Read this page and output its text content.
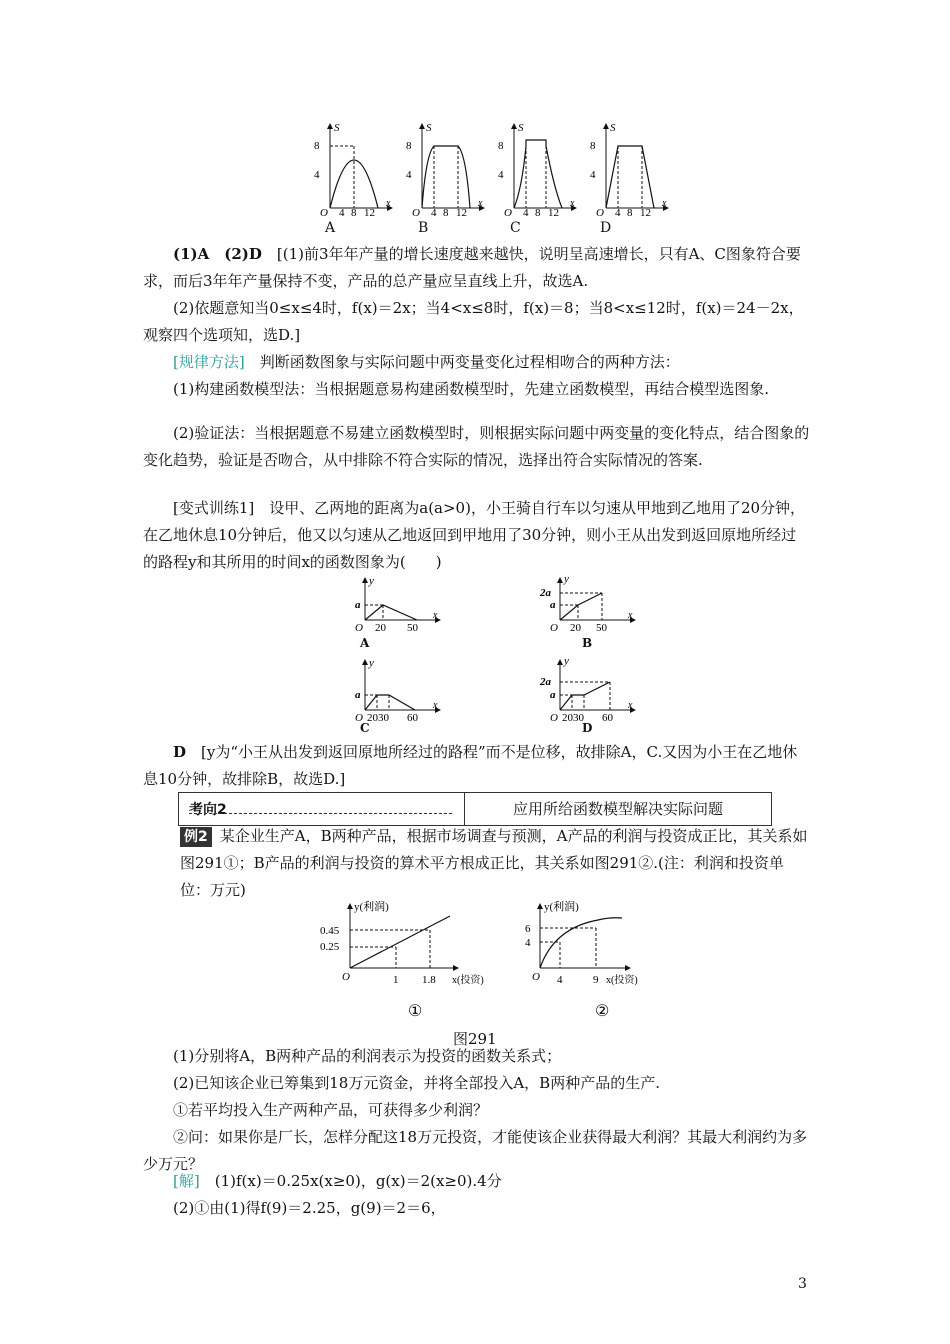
8
4
S
O 4 8 12
x
8
4
S
O 4 8 12
x
8
4
S
O 4 8 12
x
8
4
S
O 4 8 12
x
A	B	C	D

(1)A　(2)D　[(1)前3年年产量的增长速度越来越快，说明呈高速增长，只有A、C图象符合要求，而后3年年产量保持不变，产品的总产量应呈直线上升，故选A.

(2)依题意知当0≤x≤4时，f(x)＝2x；当4<x≤8时，f(x)＝8；当8<x≤12时，f(x)＝24－2x，观察四个选项知，选D.]

[规律方法]　判断函数图象与实际问题中两变量变化过程相吻合的两种方法：

(1)构建函数模型法：当根据题意易构建函数模型时，先建立函数模型，再结合模型选图象.

(2)验证法：当根据题意不易建立函数模型时，则根据实际问题中两变量的变化特点，结合图象的变化趋势，验证是否吻合，从中排除不符合实际的情况，选择出符合实际情况的答案.

[变式训练1]　设甲、乙两地的距离为a(a>0)，小王骑自行车以匀速从甲地到乙地用了20分钟，在乙地休息10分钟后，他又以匀速从乙地返回到甲地用了30分钟，则小王从出发到返回原地所经过的路程y和其所用的时间x的函数图象为(　　)

y
a
O 20 50
x
y
2a
a
O 20 50
x
y
a
O 2030 60
x
y
2a
a
O 2030 60
x
A	B
C	D

D　[y为“小王从出发到返回原地所经过的路程”而不是位移，故排除A，C.又因为小王在乙地休息10分钟，故排除B，故选D.]

考向2	应用所给函数模型解决实际问题

例2 某企业生产A，B两种产品，根据市场调查与预测，A产品的利润与投资成正比，其关系如图291①；B产品的利润与投资的算术平方根成正比，其关系如图291②.(注：利润和投资单位：万元)

y(利润)
0.45
0.25
O	1 1.8 x(投资)
y(利润)
6
4
O 4	9 x(投资)
①	②
图291

(1)分别将A，B两种产品的利润表示为投资的函数关系式；

(2)已知该企业已筹集到18万元资金，并将全部投入A，B两种产品的生产.

①若平均投入生产两种产品，可获得多少利润？

②问：如果你是厂长，怎样分配这18万元投资，才能使该企业获得最大利润？其最大利润约为多少万元？

[解]　(1)f(x)＝0.25x(x≥0)，g(x)＝2(x≥0).4分

(2)①由(1)得f(9)＝2.25，g(9)＝2＝6，

3
